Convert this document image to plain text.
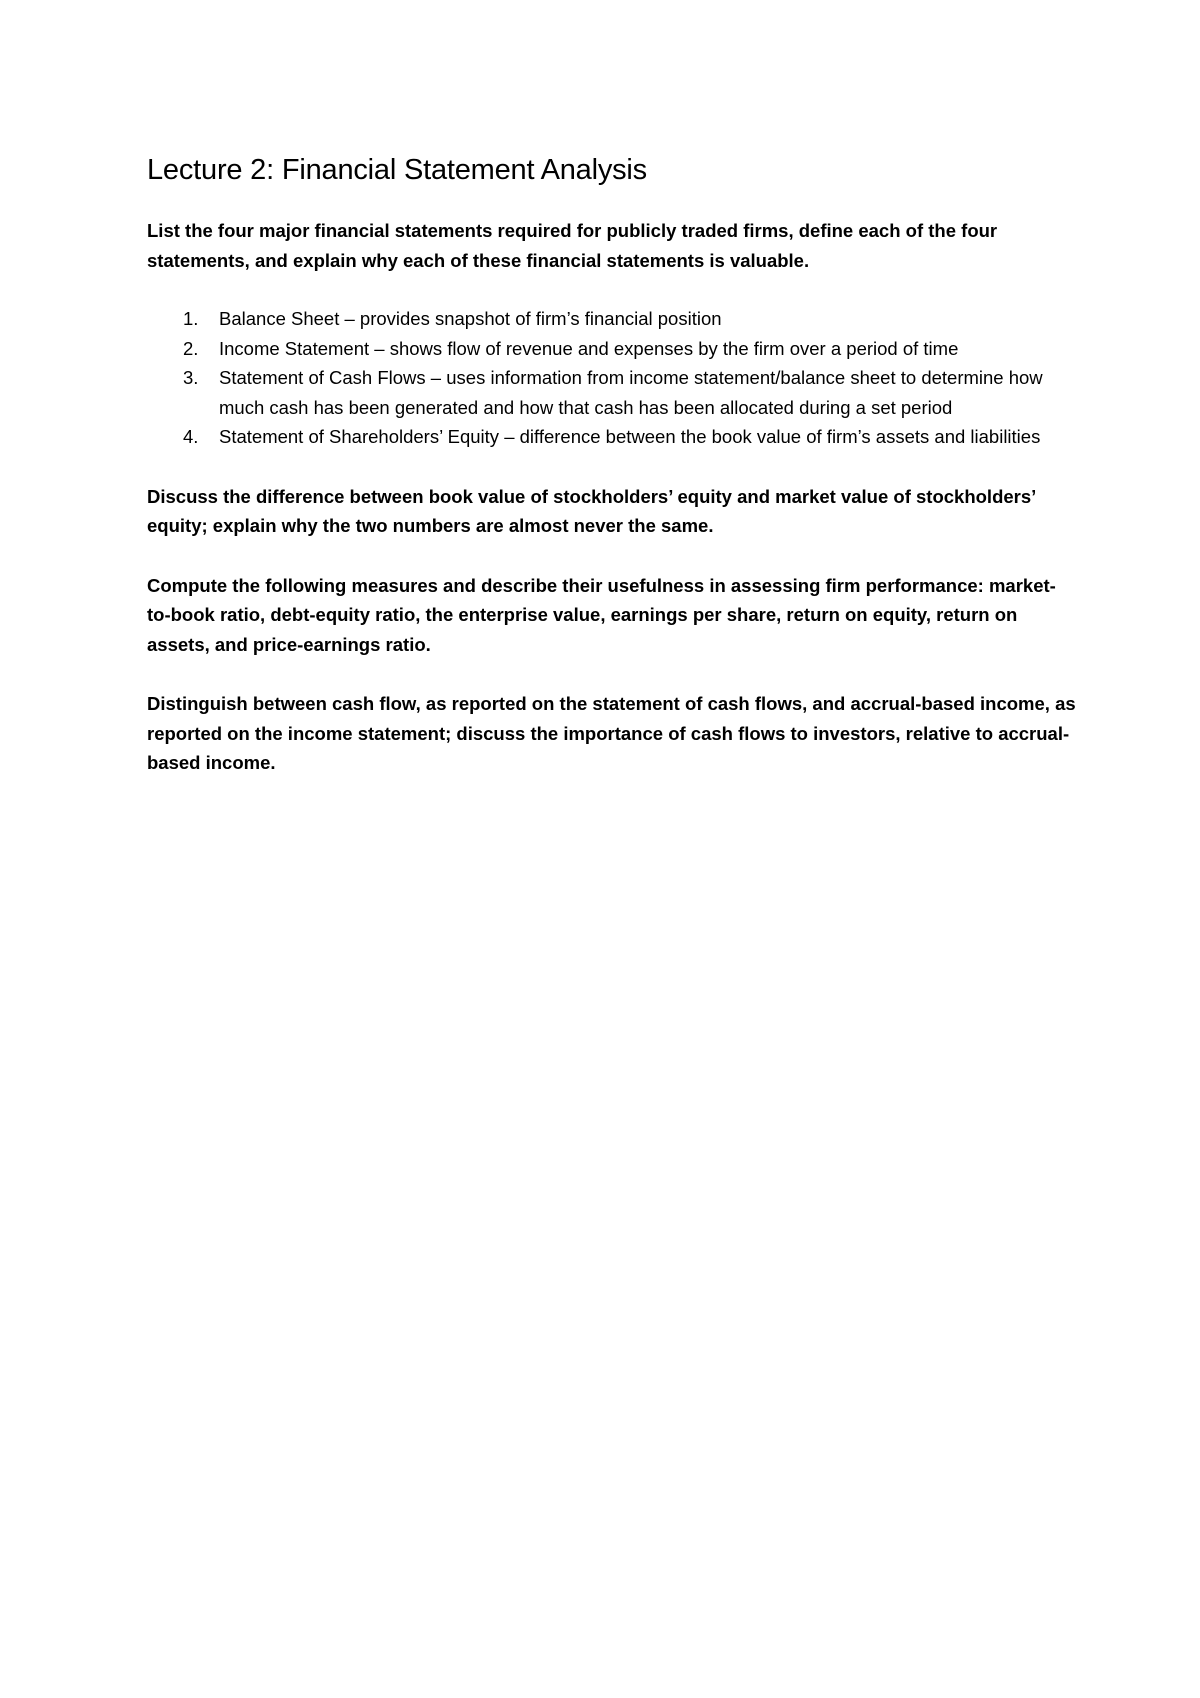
Lecture 2: Financial Statement Analysis

List the four major financial statements required for publicly traded firms, define each of the four statements, and explain why each of these financial statements is valuable.

1. Balance Sheet – provides snapshot of firm’s financial position
2. Income Statement – shows flow of revenue and expenses by the firm over a period of time
3. Statement of Cash Flows – uses information from income statement/balance sheet to determine how much cash has been generated and how that cash has been allocated during a set period
4. Statement of Shareholders’ Equity – difference between the book value of firm’s assets and liabilities

Discuss the difference between book value of stockholders’ equity and market value of stockholders’ equity; explain why the two numbers are almost never the same.

Compute the following measures and describe their usefulness in assessing firm performance: market-to-book ratio, debt-equity ratio, the enterprise value, earnings per share, return on equity, return on assets, and price-earnings ratio.

Distinguish between cash flow, as reported on the statement of cash flows, and accrual-based income, as reported on the income statement; discuss the importance of cash flows to investors, relative to accrual-based income.
